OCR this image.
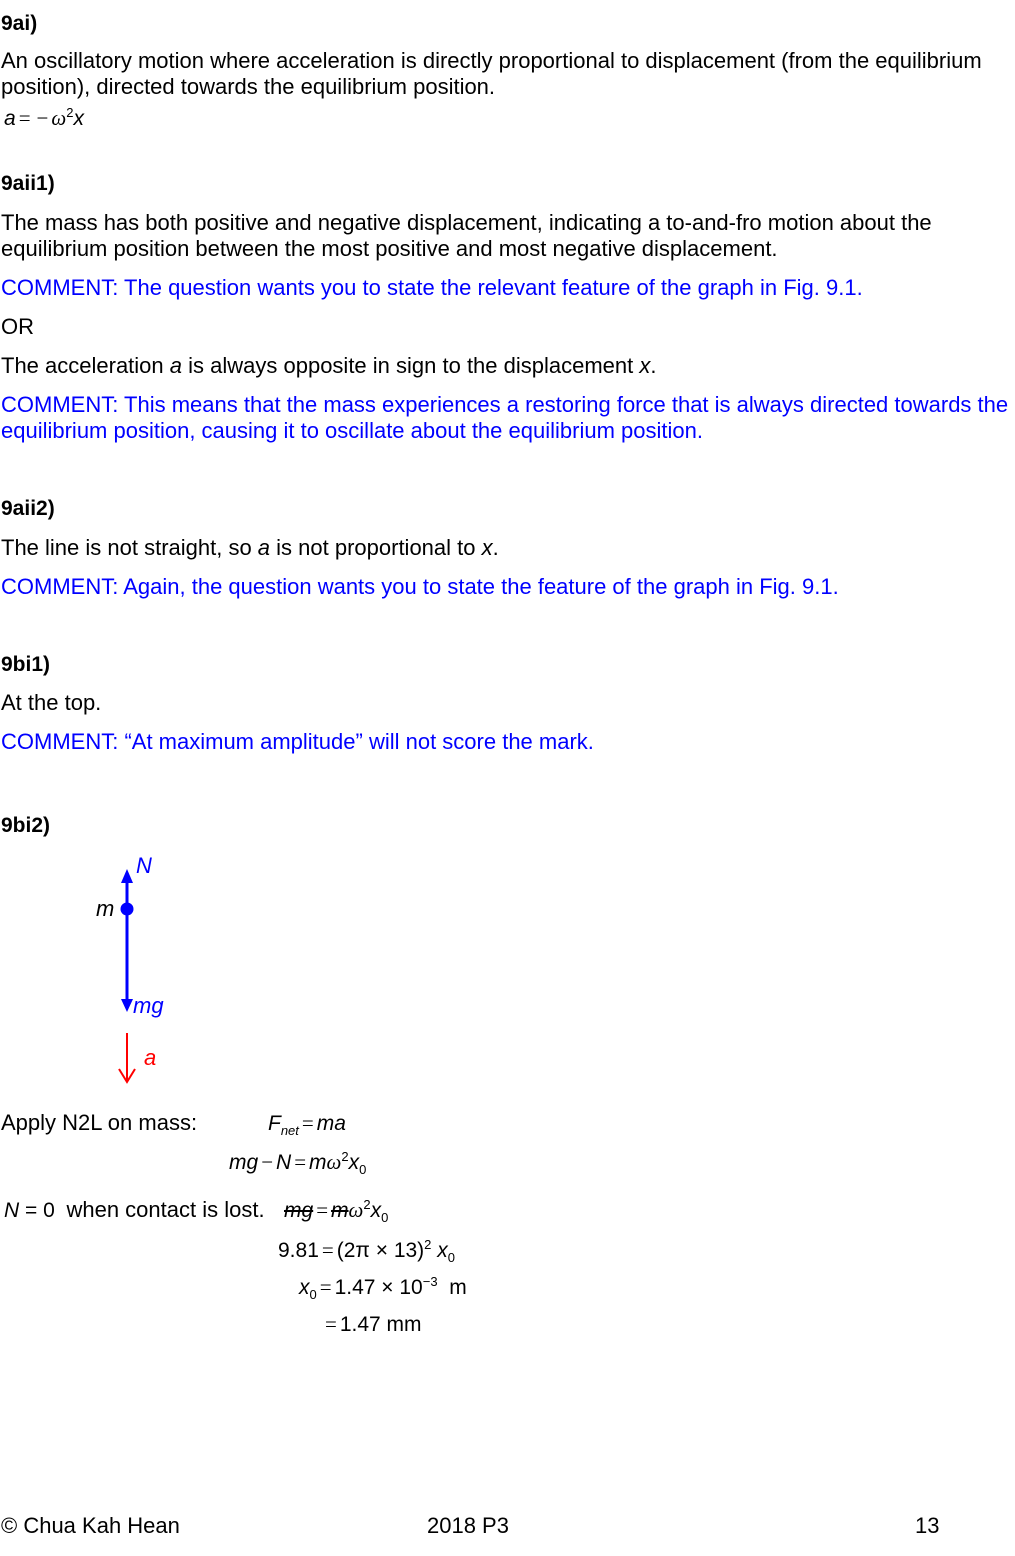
9ai)
An oscillatory motion where acceleration is directly proportional to displacement (from the equilibrium position), directed towards the equilibrium position.
a = − $\omega^2x$
9aii1)
The mass has both positive and negative displacement, indicating a to-and-fro motion about the equilibrium position between the most positive and most negative displacement.
COMMENT: The question wants you to state the relevant feature of the graph in Fig. 9.1.
OR
The acceleration a is always opposite in sign to the displacement x.
COMMENT: This means that the mass experiences a restoring force that is always directed towards the equilibrium position, causing it to oscillate about the equilibrium position.
9aii2)
The line is not straight, so a is not proportional to x.
COMMENT: Again, the question wants you to state the feature of the graph in Fig. 9.1.
9bi1)
At the top.
COMMENT: “At maximum amplitude” will not score the mark.
9bi2)
N
m
mg
a
Apply N2L on mass:	$F_{net}$ = ma
mg − $N = m\omega^2x_0$
N = 0 when contact is lost. mg = $m\omega^2x_0$
$9.81 = (2\pi \times 13)^2$ $x_0$
$x_0 = 1.47 \times 10^{-3}$ m
= 1.47 mm
© Chua Kah Hean	2018 P3	13
